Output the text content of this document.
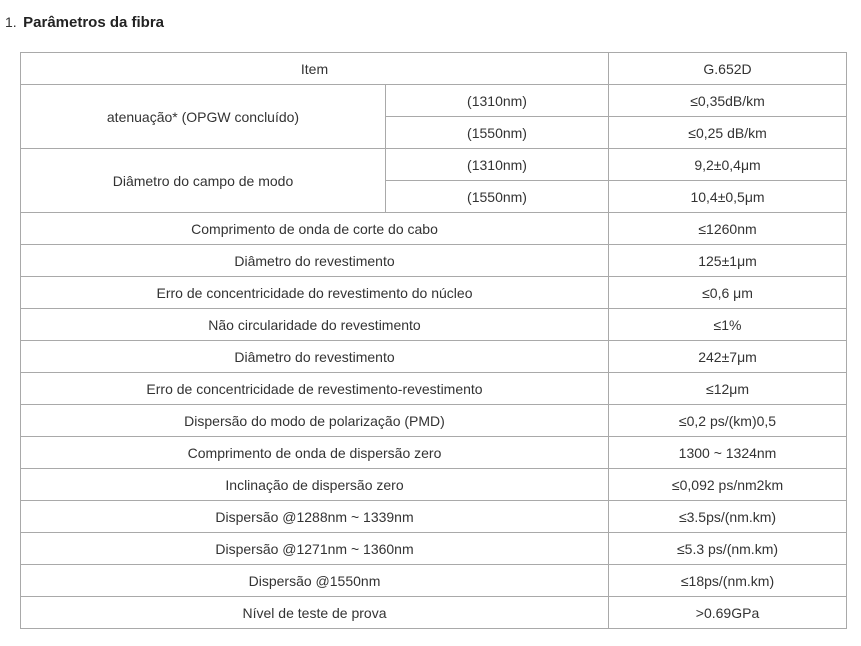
1. Parâmetros da fibra
Item		G.652D
atenuação* (OPGW concluído)	(1310nm)	≤0,35dB/km
	(1550nm)	≤0,25 dB/km
Diâmetro do campo de modo	(1310nm)	9,2±0,4μm
	(1550nm)	10,4±0,5μm
Comprimento de onda de corte do cabo		≤1260nm
Diâmetro do revestimento		125±1μm
Erro de concentricidade do revestimento do núcleo		≤0,6 μm
Não circularidade do revestimento		≤1%
Diâmetro do revestimento		242±7μm
Erro de concentricidade de revestimento-revestimento		≤12μm
Dispersão do modo de polarização (PMD)		≤0,2 ps/(km)0,5
Comprimento de onda de dispersão zero		1300 ~ 1324nm
Inclinação de dispersão zero		≤0,092 ps/nm2km
Dispersão @1288nm ~ 1339nm		≤3.5ps/(nm.km)
Dispersão @1271nm ~ 1360nm		≤5.3 ps/(nm.km)
Dispersão @1550nm		≤18ps/(nm.km)
Nível de teste de prova		>0.69GPa
